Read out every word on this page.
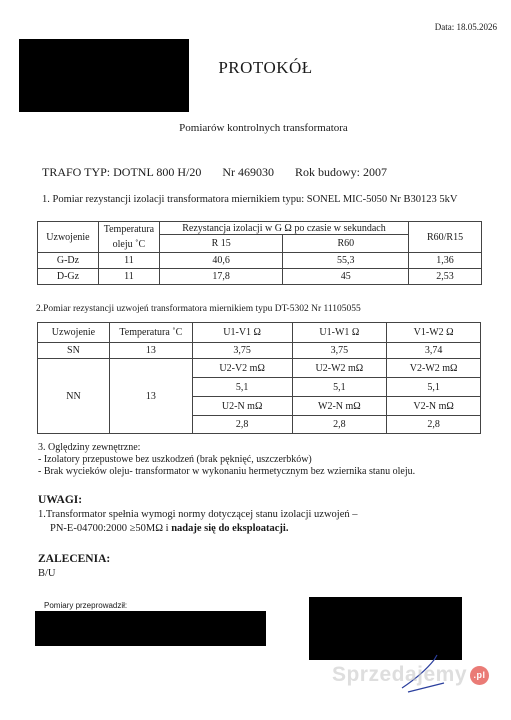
Data: 18.05.2026
PROTOKÓŁ
Pomiarów kontrolnych transformatora
TRAFO TYP: DOTNL 800 H/20 Nr 469030 Rok budowy: 2007
1. Pomiar rezystancji izolacji transformatora miernikiem typu: SONEL MIC-5050 Nr B30123 5kV
Uzwojenie	Temperatura oleju ˚C	Rezystancja izolacji w G Ω po czasie w sekundach		R60/R15
		R 15	R60	
G-Dz	11	40,6	55,3	1,36
D-Gz	11	17,8	45	2,53
2.Pomiar rezystancji uzwojeń transformatora miernikiem typu DT-5302 Nr 11105055
Uzwojenie	Temperatura ˚C	U1-V1 Ω	U1-W1 Ω	V1-W2 Ω
SN	13	3,75	3,75	3,74
NN	13	U2-V2 mΩ	U2-W2 mΩ	V2-W2 mΩ
		5,1	5,1	5,1
		U2-N mΩ	W2-N mΩ	V2-N mΩ
		2,8	2,8	2,8
3. Oględziny zewnętrzne:
- Izolatory przepustowe bez uszkodzeń (brak pęknięć, uszczerbków)
- Brak wycieków oleju- transformator w wykonaniu hermetycznym bez wziernika stanu oleju.
UWAGI:
1.Transformator spełnia wymogi normy dotyczącej stanu izolacji uzwojeń –
PN-E-04700:2000 ≥50MΩ i nadaje się do eksploatacji.
ZALECENIA:
B/U
Pomiary przeprowadził:
Sprzedajemy .pl
